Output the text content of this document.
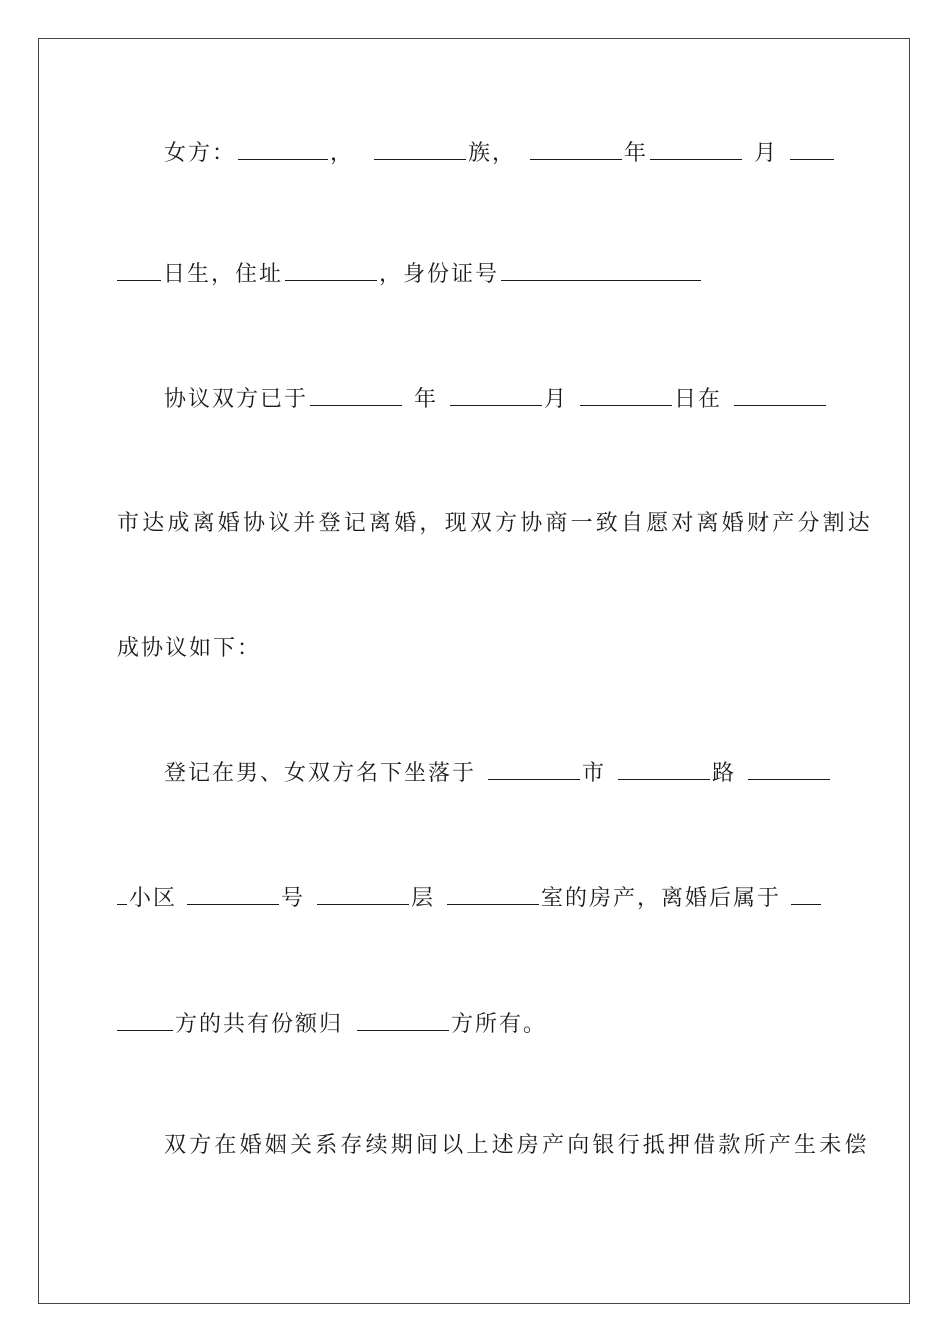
女方：	，	族，	年	月
日生，住址	，身份证号
协议双方已于	年	月	日在
市达成离婚协议并登记离婚，现双方协商一致自愿对离婚财产分割达
成协议如下：
登记在男、女双方名下坐落于	市	路
小区	号	层	室的房产，离婚后属于
方的共有份额归	方所有。
双方在婚姻关系存续期间以上述房产向银行抵押借款所产生未偿
